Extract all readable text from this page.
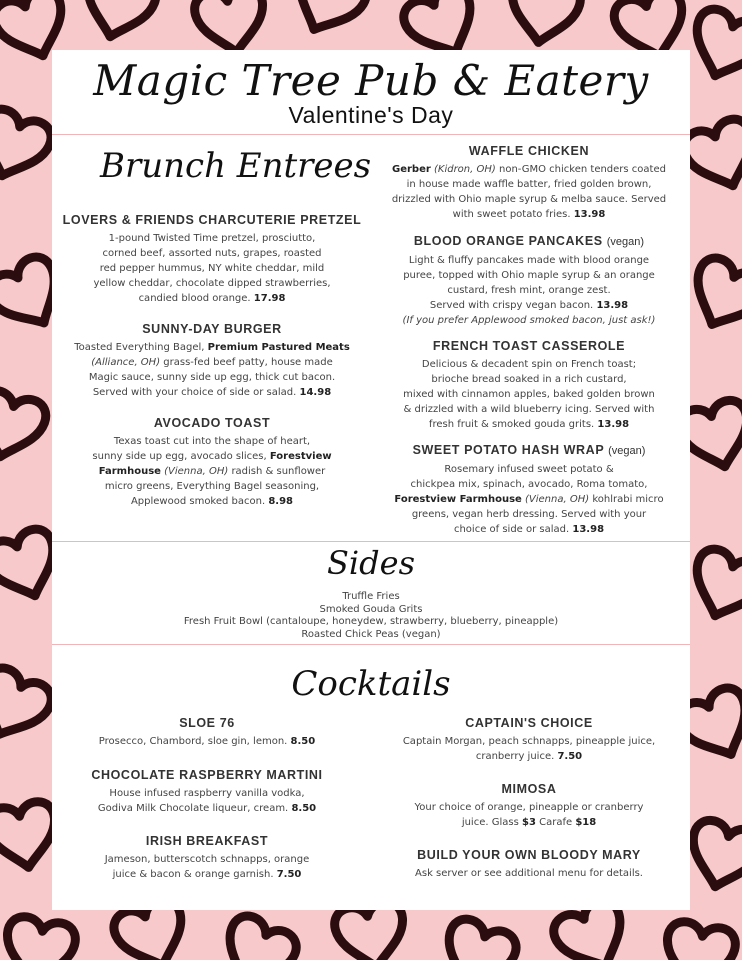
Magic Tree Pub & Eatery
Valentine's Day
Brunch Entrees
LOVERS & FRIENDS CHARCUTERIE PRETZEL
1-pound Twisted Time pretzel, prosciutto,
corned beef, assorted nuts, grapes, roasted
red pepper hummus, NY white cheddar, mild
yellow cheddar, chocolate dipped strawberries,
candied blood orange. 17.98
SUNNY-DAY BURGER
Toasted Everything Bagel, Premium Pastured Meats
(Alliance, OH) grass-fed beef patty, house made
Magic sauce, sunny side up egg, thick cut bacon.
Served with your choice of side or salad. 14.98
AVOCADO TOAST
Texas toast cut into the shape of heart,
sunny side up egg, avocado slices, Forestview
Farmhouse (Vienna, OH) radish & sunflower
micro greens, Everything Bagel seasoning,
Applewood smoked bacon. 8.98
WAFFLE CHICKEN
Gerber (Kidron, OH) non-GMO chicken tenders coated
in house made waffle batter, fried golden brown,
drizzled with Ohio maple syrup & melba sauce. Served
with sweet potato fries. 13.98
BLOOD ORANGE PANCAKES (vegan)
Light & fluffy pancakes made with blood orange
puree, topped with Ohio maple syrup & an orange
custard, fresh mint, orange zest.
Served with crispy vegan bacon. 13.98
(If you prefer Applewood smoked bacon, just ask!)
FRENCH TOAST CASSEROLE
Delicious & decadent spin on French toast;
brioche bread soaked in a rich custard,
mixed with cinnamon apples, baked golden brown
& drizzled with a wild blueberry icing. Served with
fresh fruit & smoked gouda grits. 13.98
SWEET POTATO HASH WRAP (vegan)
Rosemary infused sweet potato &
chickpea mix, spinach, avocado, Roma tomato,
Forestview Farmhouse (Vienna, OH) kohlrabi micro
greens, vegan herb dressing. Served with your
choice of side or salad. 13.98
Sides
Truffle Fries
Smoked Gouda Grits
Fresh Fruit Bowl (cantaloupe, honeydew, strawberry, blueberry, pineapple)
Roasted Chick Peas (vegan)
Cocktails
SLOE 76
Prosecco, Chambord, sloe gin, lemon. 8.50
CHOCOLATE RASPBERRY MARTINI
House infused raspberry vanilla vodka,
Godiva Milk Chocolate liqueur, cream. 8.50
IRISH BREAKFAST
Jameson, butterscotch schnapps, orange
juice & bacon & orange garnish. 7.50
CAPTAIN'S CHOICE
Captain Morgan, peach schnapps, pineapple juice,
cranberry juice. 7.50
MIMOSA
Your choice of orange, pineapple or cranberry
juice. Glass $3 Carafe $18
BUILD YOUR OWN BLOODY MARY
Ask server or see additional menu for details.
